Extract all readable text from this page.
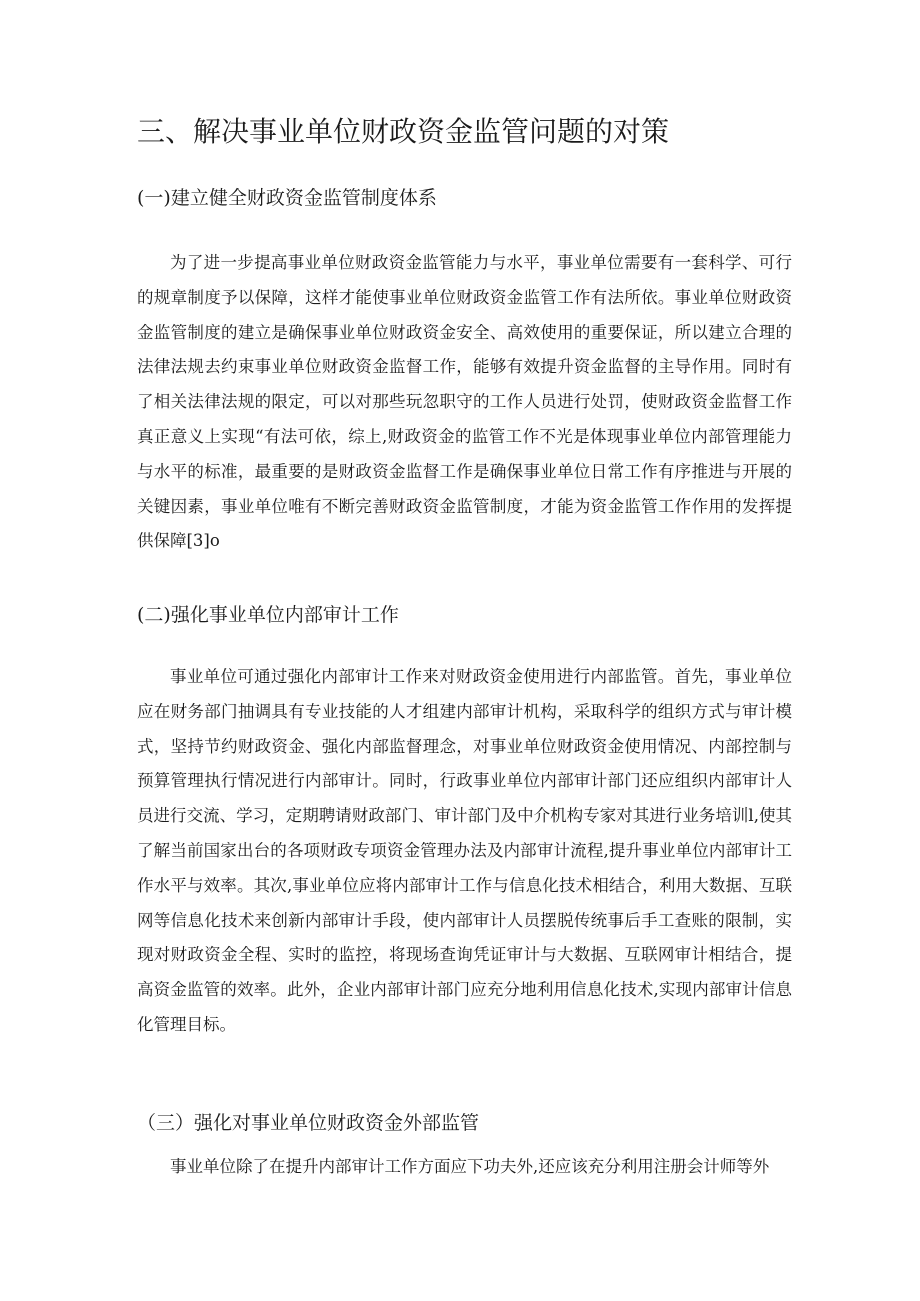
三、解决事业单位财政资金监管问题的对策
(一)建立健全财政资金监管制度体系

为了进一步提高事业单位财政资金监管能力与水平，事业单位需要有一套科学、可行的规章制度予以保障，这样才能使事业单位财政资金监管工作有法所依。事业单位财政资金监管制度的建立是确保事业单位财政资金安全、高效使用的重要保证，所以建立合理的法律法规去约束事业单位财政资金监督工作，能够有效提升资金监督的主导作用。同时有了相关法律法规的限定，可以对那些玩忽职守的工作人员进行处罚，使财政资金监督工作真正意义上实现“有法可依，综上,财政资金的监管工作不光是体现事业单位内部管理能力与水平的标准，最重要的是财政资金监督工作是确保事业单位日常工作有序推进与开展的关键因素，事业单位唯有不断完善财政资金监管制度，才能为资金监管工作作用的发挥提供保障[3]o

(二)强化事业单位内部审计工作

事业单位可通过强化内部审计工作来对财政资金使用进行内部监管。首先，事业单位应在财务部门抽调具有专业技能的人才组建内部审计机构，采取科学的组织方式与审计模式，坚持节约财政资金、强化内部监督理念，对事业单位财政资金使用情况、内部控制与预算管理执行情况进行内部审计。同时，行政事业单位内部审计部门还应组织内部审计人员进行交流、学习，定期聘请财政部门、审计部门及中介机构专家对其进行业务培训l,使其了解当前国家出台的各项财政专项资金管理办法及内部审计流程,提升事业单位内部审计工作水平与效率。其次,事业单位应将内部审计工作与信息化技术相结合，利用大数据、互联网等信息化技术来创新内部审计手段，使内部审计人员摆脱传统事后手工查账的限制，实现对财政资金全程、实时的监控，将现场查询凭证审计与大数据、互联网审计相结合，提高资金监管的效率。此外，企业内部审计部门应充分地利用信息化技术,实现内部审计信息化管理目标。

（三）强化对事业单位财政资金外部监管

事业单位除了在提升内部审计工作方面应下功夫外,还应该充分利用注册会计师等外
